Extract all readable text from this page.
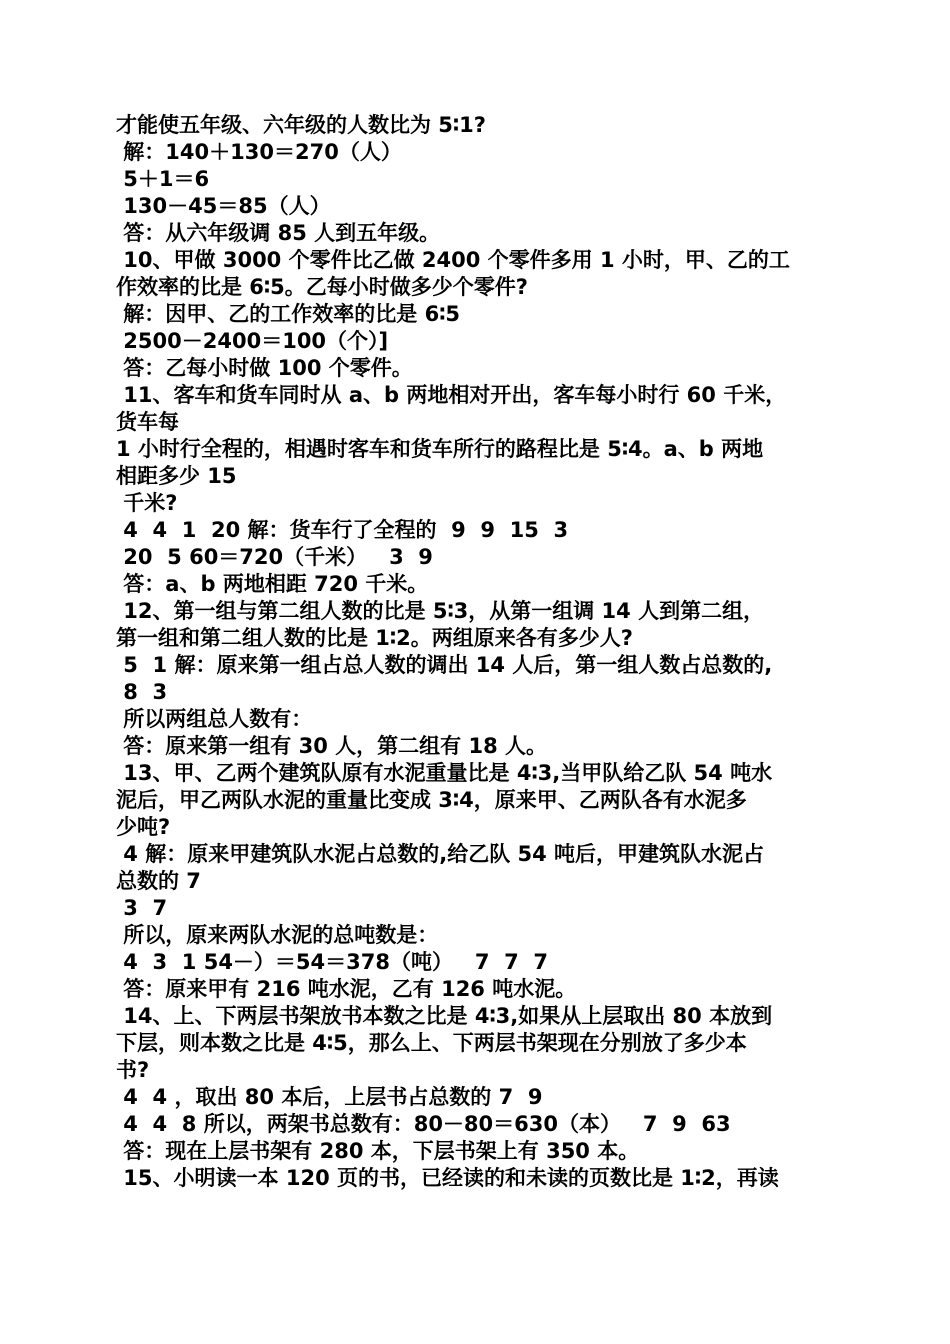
才能使五年级、六年级的人数比为 5∶1?
解：140＋130＝270（人）
5＋1＝6
130－45＝85（人）
答：从六年级调 85 人到五年级。
10、甲做 3000 个零件比乙做 2400 个零件多用 1 小时，甲、乙的工
作效率的比是 6∶5。乙每小时做多少个零件?
解：因甲、乙的工作效率的比是 6∶5
2500－2400＝100（个）]
答：乙每小时做 100 个零件。
11、客车和货车同时从 a、b 两地相对开出，客车每小时行 60 千米，
货车每
1 小时行全程的，相遇时客车和货车所行的路程比是 5∶4。a、b 两地
相距多少 15
千米?
4  4  1  20 解：货车行了全程的  9  9  15  3
20  5 60＝720（千米）   3  9
答：a、b 两地相距 720 千米。
12、第一组与第二组人数的比是 5∶3，从第一组调 14 人到第二组，
第一组和第二组人数的比是 1∶2。两组原来各有多少人?
5  1 解：原来第一组占总人数的调出 14 人后，第一组人数占总数的,
8  3
所以两组总人数有：
答：原来第一组有 30 人，第二组有 18 人。
13、甲、乙两个建筑队原有水泥重量比是 4∶3,当甲队给乙队 54 吨水
泥后，甲乙两队水泥的重量比变成 3∶4，原来甲、乙两队各有水泥多
少吨?
4 解：原来甲建筑队水泥占总数的,给乙队 54 吨后，甲建筑队水泥占
总数的 7
3  7
所以，原来两队水泥的总吨数是：
4  3  1 54－）＝54＝378（吨）   7  7  7
答：原来甲有 216 吨水泥，乙有 126 吨水泥。
14、上、下两层书架放书本数之比是 4∶3,如果从上层取出 80 本放到
下层，则本数之比是 4∶5，那么上、下两层书架现在分别放了多少本
书?
4  4 ，取出 80 本后，上层书占总数的 7  9
4  4  8 所以，两架书总数有：80－80＝630（本）   7  9  63
答：现在上层书架有 280 本，下层书架上有 350 本。
15、小明读一本 120 页的书，已经读的和未读的页数比是 1∶2，再读
